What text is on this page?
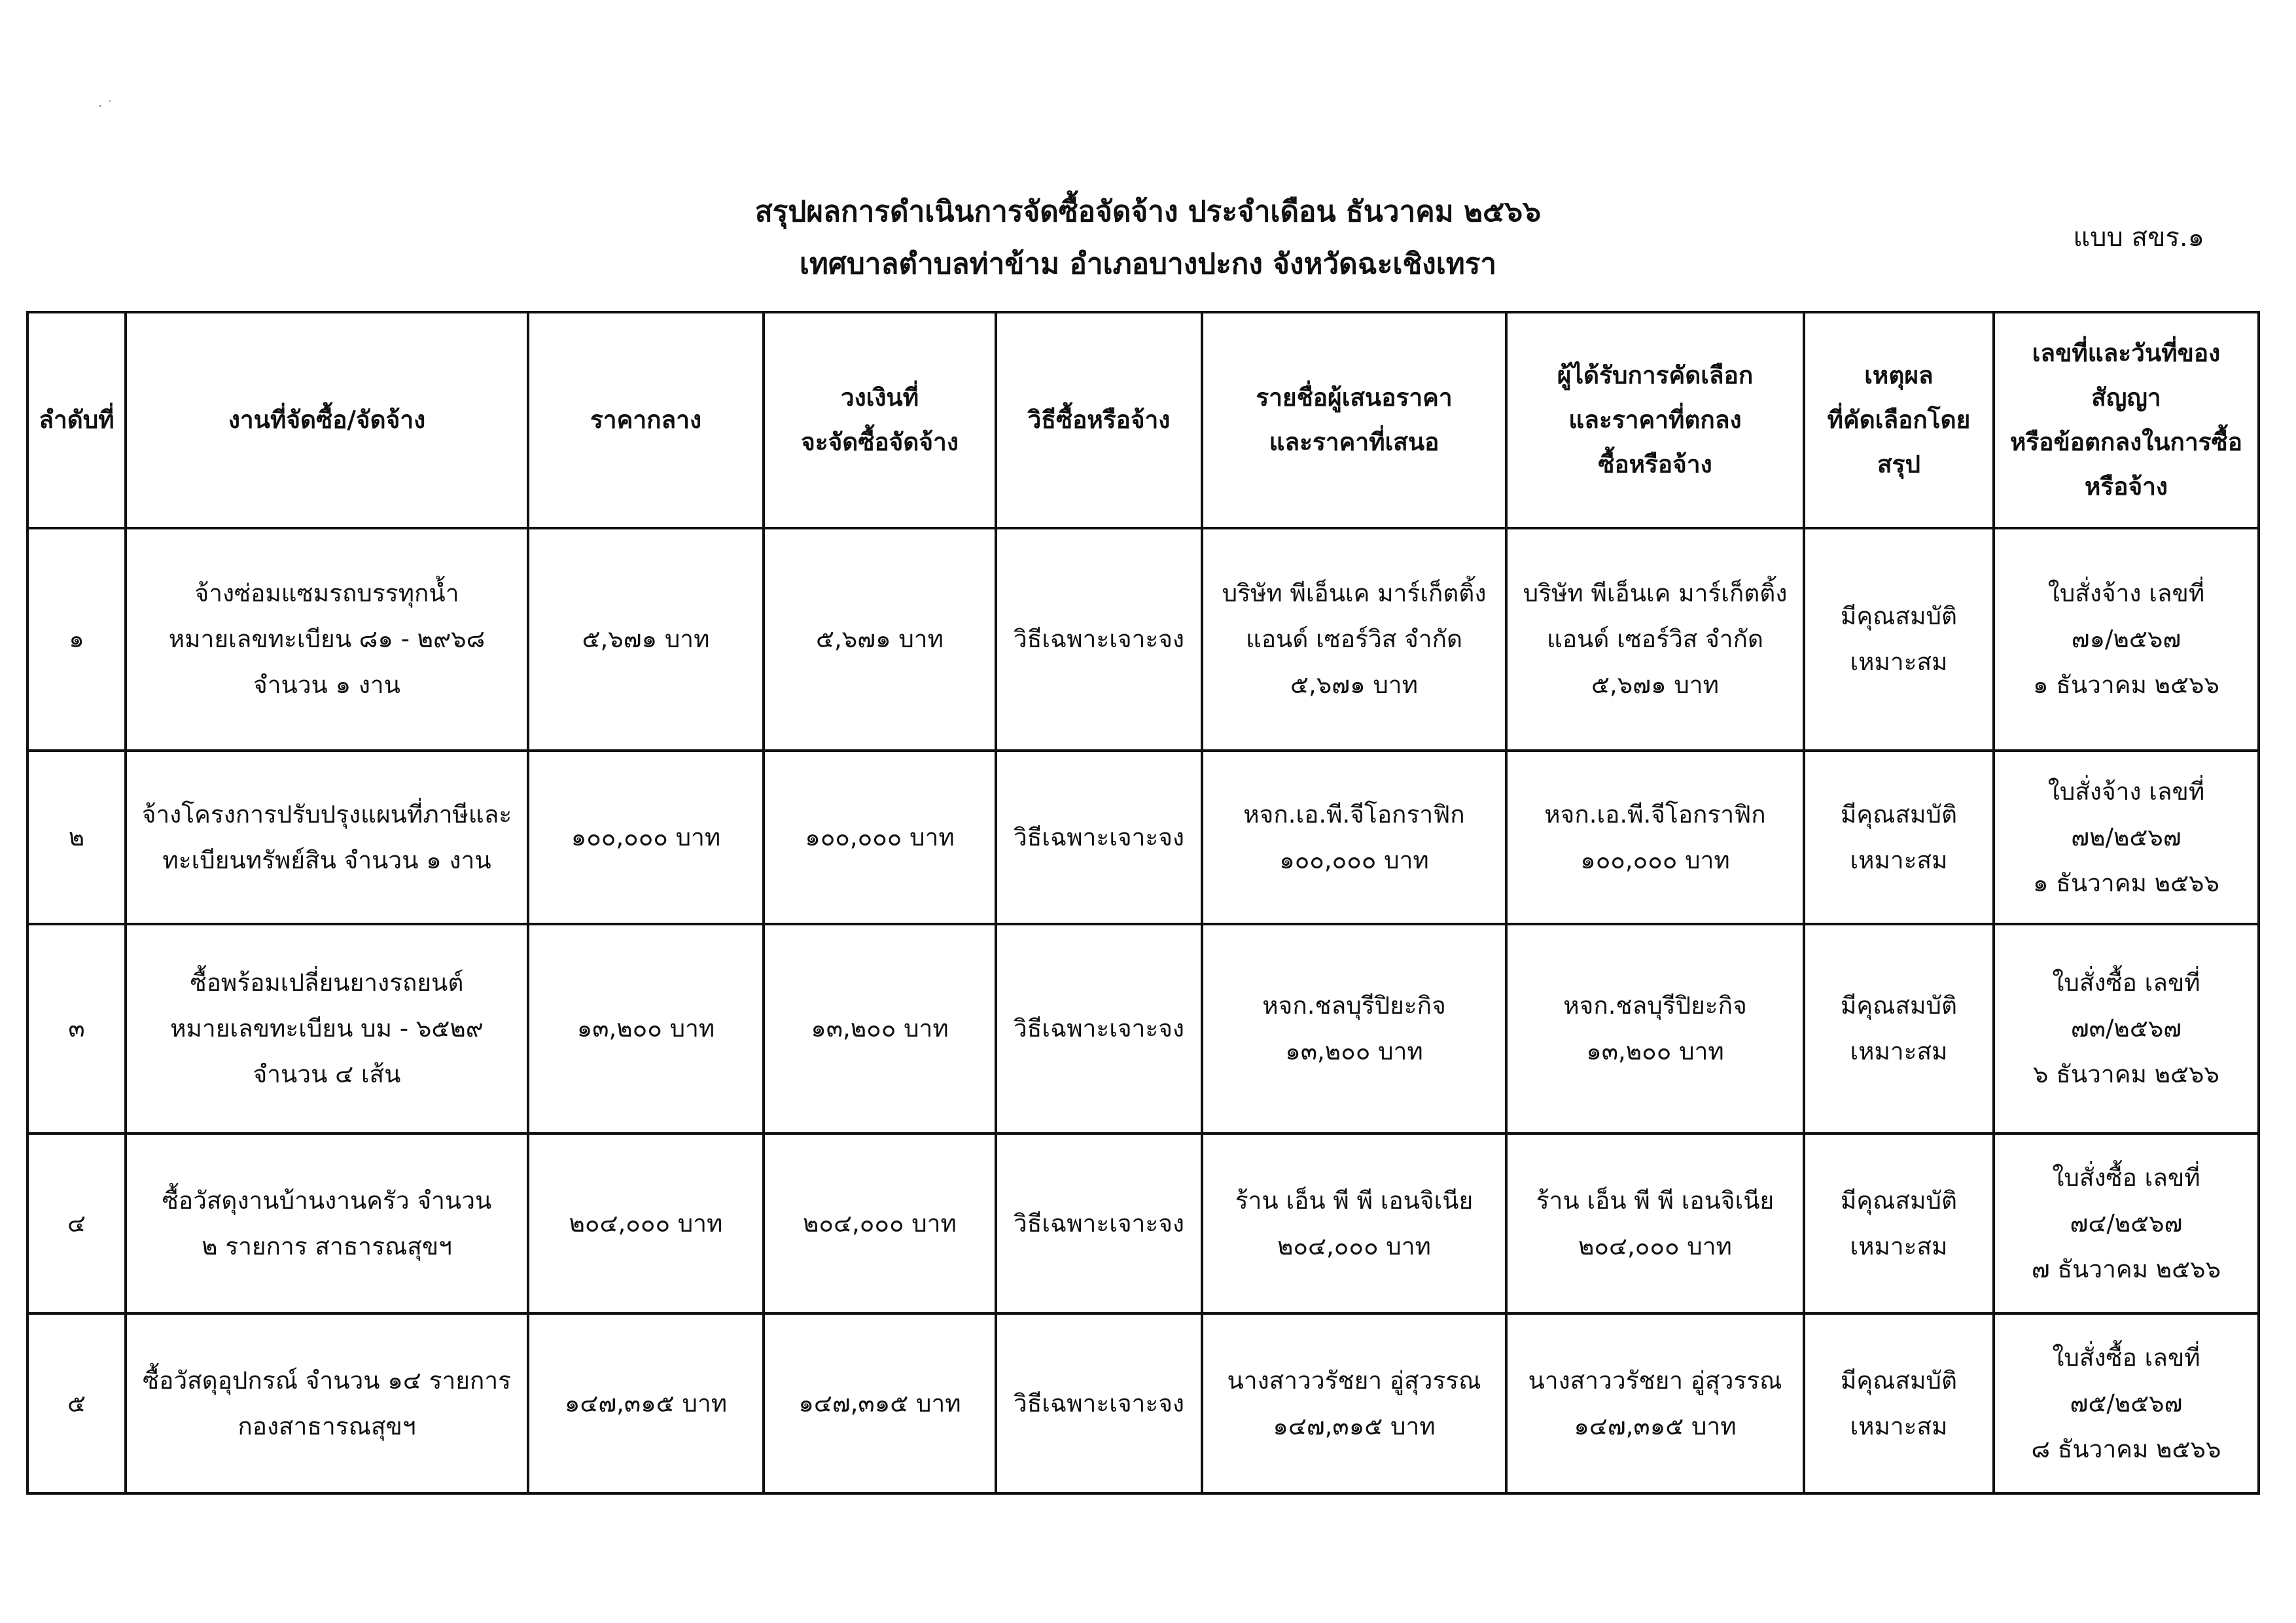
· ˙
สรุปผลการดำเนินการจัดซื้อจัดจ้าง ประจำเดือน ธันวาคม ๒๕๖๖
เทศบาลตำบลท่าข้าม อำเภอบางปะกง จังหวัดฉะเชิงเทรา
แบบ สขร.๑
ลำดับที่	งานที่จัดซื้อ/จัดจ้าง	ราคากลาง	วงเงินที่
จะจัดซื้อจัดจ้าง	วิธีซื้อหรือจ้าง	รายชื่อผู้เสนอราคา
และราคาที่เสนอ	ผู้ได้รับการคัดเลือก
และราคาที่ตกลง
ซื้อหรือจ้าง	เหตุผล
ที่คัดเลือกโดย
สรุป	เลขที่และวันที่ของ
สัญญา
หรือข้อตกลงในการซื้อ
หรือจ้าง

๑	จ้างซ่อมแซมรถบรรทุกน้ำ
หมายเลขทะเบียน ๘๑ - ๒๙๖๘
จำนวน ๑ งาน	๕,๖๗๑ บาท	๕,๖๗๑ บาท	วิธีเฉพาะเจาะจง	บริษัท พีเอ็นเค มาร์เก็ตติ้ง
แอนด์ เซอร์วิส จำกัด
๕,๖๗๑ บาท	บริษัท พีเอ็นเค มาร์เก็ตติ้ง
แอนด์ เซอร์วิส จำกัด
๕,๖๗๑ บาท	มีคุณสมบัติ
เหมาะสม	ใบสั่งจ้าง เลขที่
๗๑/๒๕๖๗
๑ ธันวาคม ๒๕๖๖

๒	จ้างโครงการปรับปรุงแผนที่ภาษีและ
ทะเบียนทรัพย์สิน จำนวน ๑ งาน	๑๐๐,๐๐๐ บาท	๑๐๐,๐๐๐ บาท	วิธีเฉพาะเจาะจง	หจก.เอ.พี.จีโอกราฟิก
๑๐๐,๐๐๐ บาท	หจก.เอ.พี.จีโอกราฟิก
๑๐๐,๐๐๐ บาท	มีคุณสมบัติ
เหมาะสม	ใบสั่งจ้าง เลขที่
๗๒/๒๕๖๗
๑ ธันวาคม ๒๕๖๖

๓	ซื้อพร้อมเปลี่ยนยางรถยนต์
หมายเลขทะเบียน บม - ๖๕๒๙
จำนวน ๔ เส้น	๑๓,๒๐๐ บาท	๑๓,๒๐๐ บาท	วิธีเฉพาะเจาะจง	หจก.ชลบุรีปิยะกิจ
๑๓,๒๐๐ บาท	หจก.ชลบุรีปิยะกิจ
๑๓,๒๐๐ บาท	มีคุณสมบัติ
เหมาะสม	ใบสั่งซื้อ เลขที่
๗๓/๒๕๖๗
๖ ธันวาคม ๒๕๖๖

๔	ซื้อวัสดุงานบ้านงานครัว จำนวน
๒ รายการ สาธารณสุขฯ	๒๐๔,๐๐๐ บาท	๒๐๔,๐๐๐ บาท	วิธีเฉพาะเจาะจง	ร้าน เอ็น พี พี เอนจิเนีย
๒๐๔,๐๐๐ บาท	ร้าน เอ็น พี พี เอนจิเนีย
๒๐๔,๐๐๐ บาท	มีคุณสมบัติ
เหมาะสม	ใบสั่งซื้อ เลขที่
๗๔/๒๕๖๗
๗ ธันวาคม ๒๕๖๖

๕	ซื้อวัสดุอุปกรณ์ จำนวน ๑๔ รายการ
กองสาธารณสุขฯ	๑๔๗,๓๑๕ บาท	๑๔๗,๓๑๕ บาท	วิธีเฉพาะเจาะจง	นางสาววรัชยา อู่สุวรรณ
๑๔๗,๓๑๕ บาท	นางสาววรัชยา อู่สุวรรณ
๑๔๗,๓๑๕ บาท	มีคุณสมบัติ
เหมาะสม	ใบสั่งซื้อ เลขที่
๗๕/๒๕๖๗
๘ ธันวาคม ๒๕๖๖
